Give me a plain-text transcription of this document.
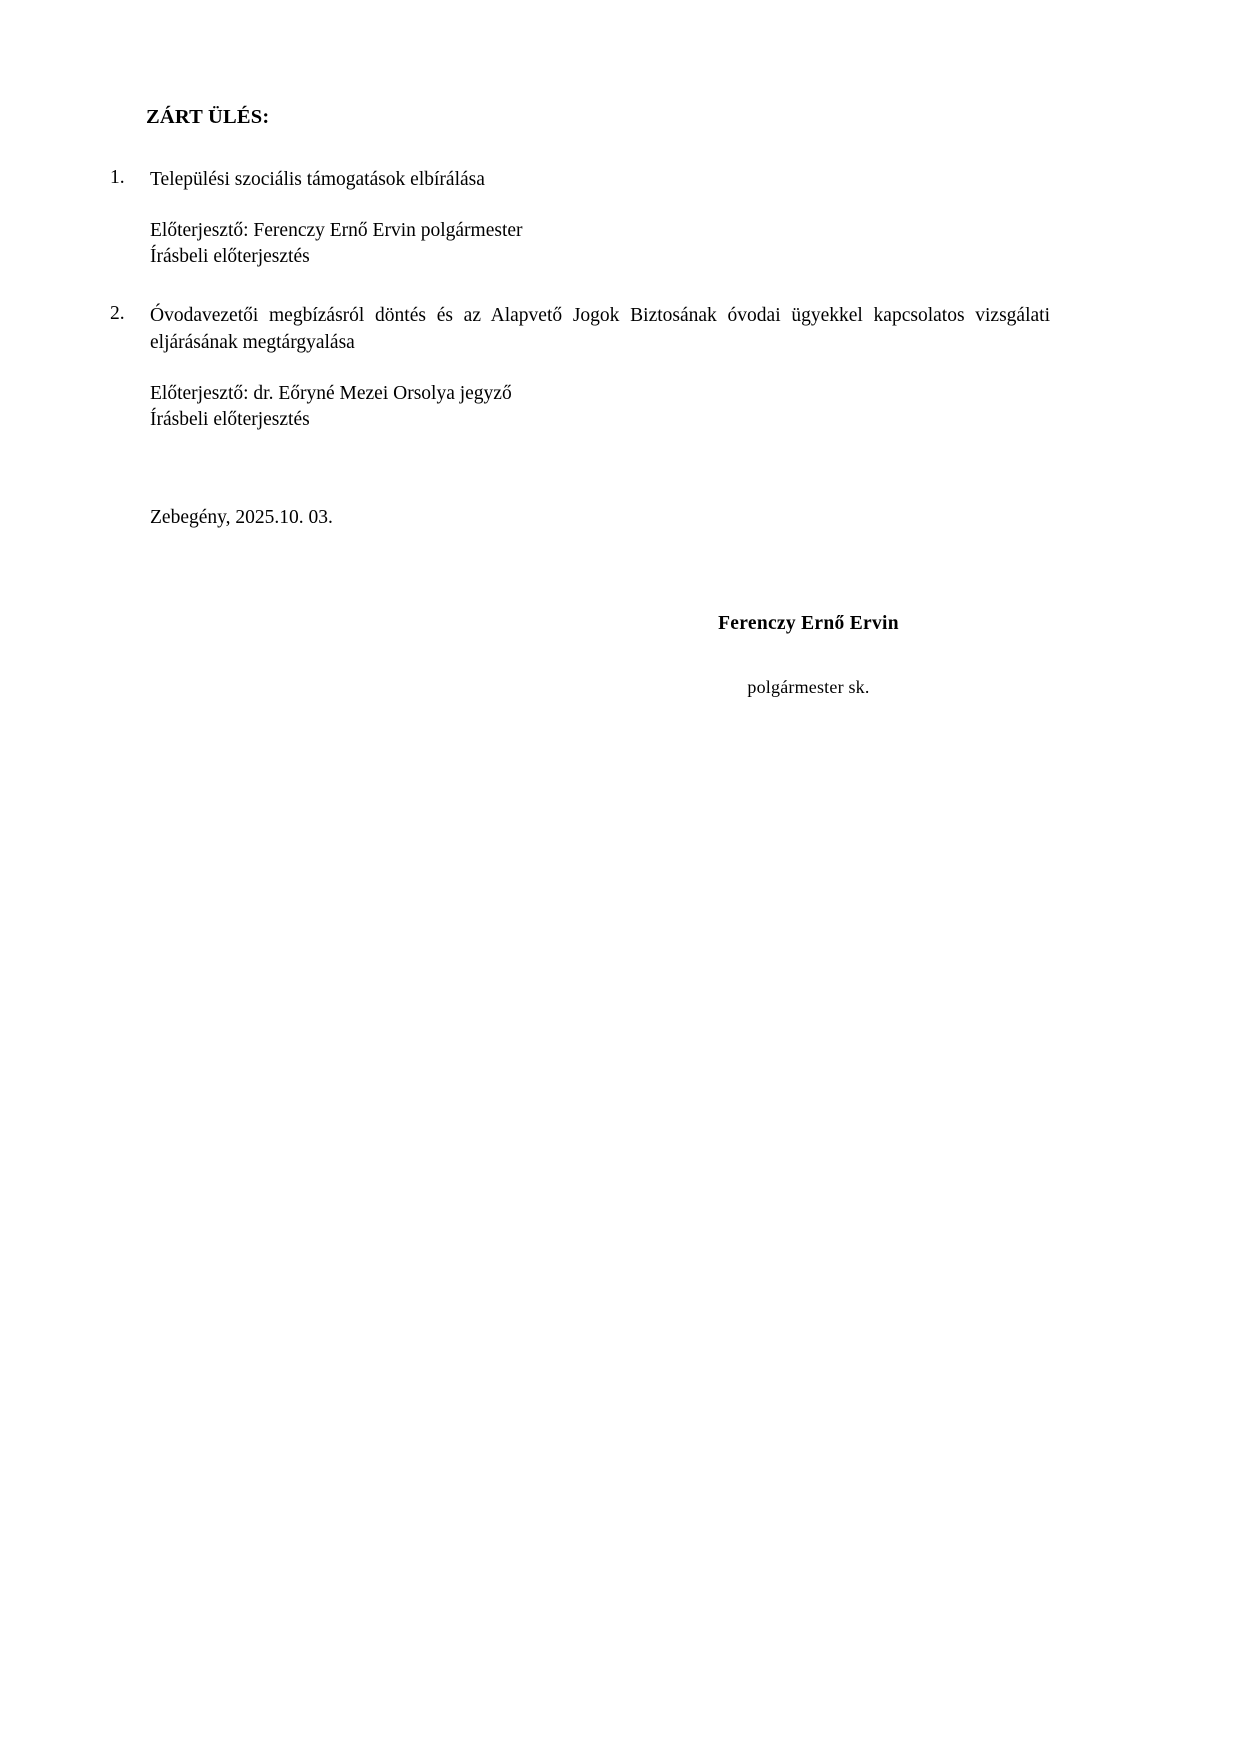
ZÁRT ÜLÉS:
1.	Települési szociális támogatások elbírálása
Előterjesztő: Ferenczy Ernő Ervin polgármester
Írásbeli előterjesztés
2.	Óvodavezetői megbízásról döntés és az Alapvető Jogok Biztosának óvodai ügyekkel kapcsolatos vizsgálati eljárásának megtárgyalása
Előterjesztő: dr. Eőryné Mezei Orsolya jegyző
Írásbeli előterjesztés
Zebegény, 2025.10. 03.
Ferenczy Ernő Ervin
polgármester sk.
